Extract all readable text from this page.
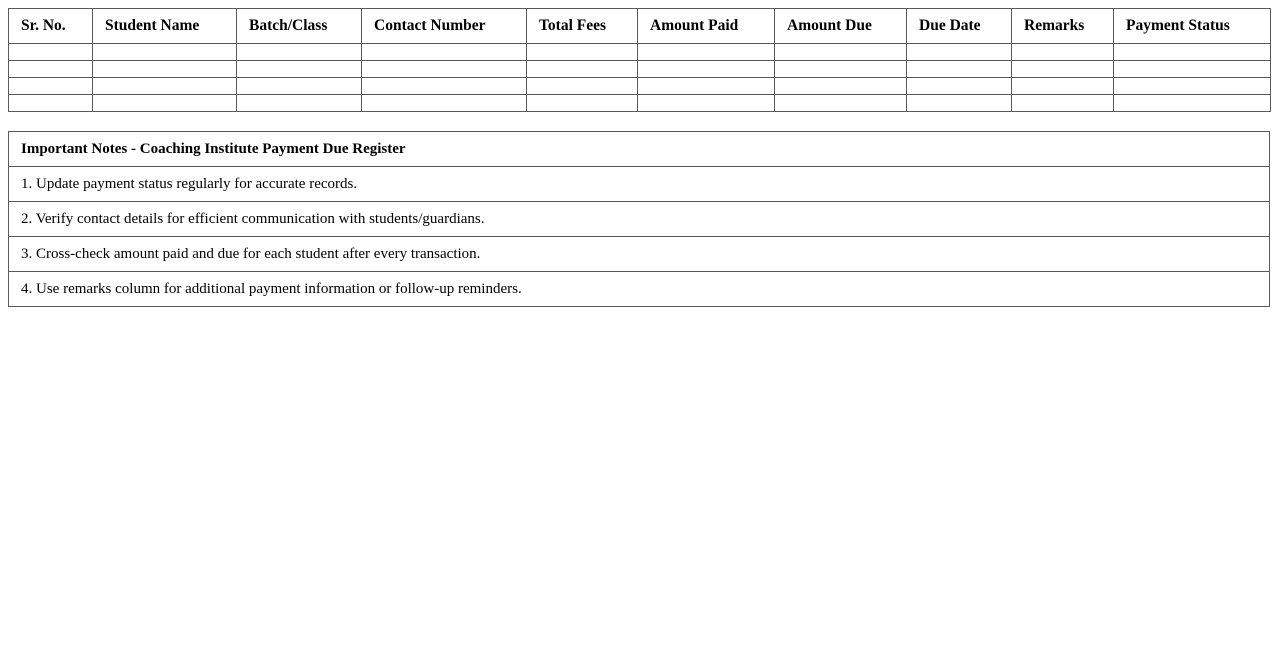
Sr. No.	Student Name	Batch/Class	Contact Number	Total Fees	Amount Paid	Amount Due	Due Date	Remarks	Payment Status

Important Notes - Coaching Institute Payment Due Register
1. Update payment status regularly for accurate records.
2. Verify contact details for efficient communication with students/guardians.
3. Cross-check amount paid and due for each student after every transaction.
4. Use remarks column for additional payment information or follow-up reminders.
